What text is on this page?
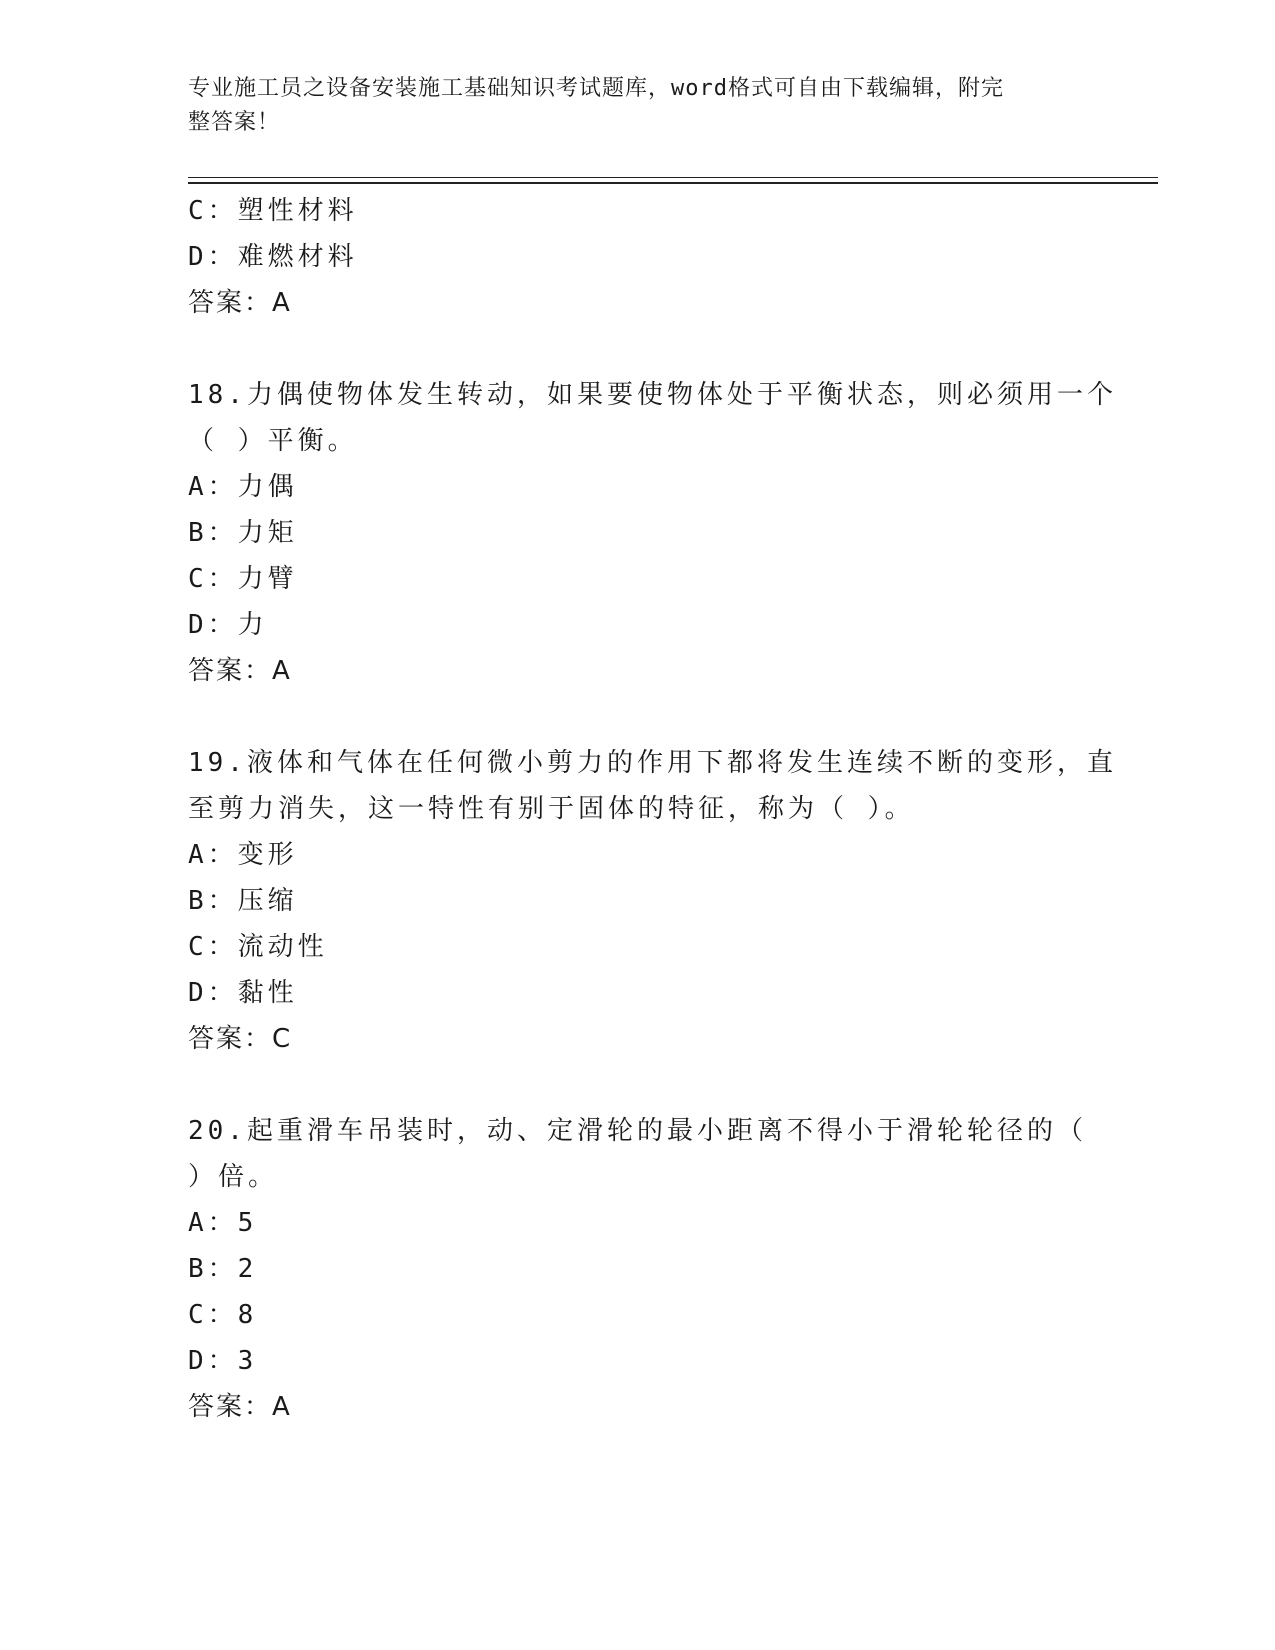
专业施工员之设备安装施工基础知识考试题库，word格式可自由下载编辑，附完
整答案！
C：塑性材料
D：难燃材料
答案：A
18.力偶使物体发生转动，如果要使物体处于平衡状态，则必须用一个
（ ）平衡。
A：力偶
B：力矩
C：力臂
D：力
答案：A
19.液体和气体在任何微小剪力的作用下都将发生连续不断的变形，直
至剪力消失，这一特性有别于固体的特征，称为（ ）。
A：变形
B：压缩
C：流动性
D：黏性
答案：C
20.起重滑车吊装时，动、定滑轮的最小距离不得小于滑轮轮径的（
）倍。
A：5
B：2
C：8
D：3
答案：A
